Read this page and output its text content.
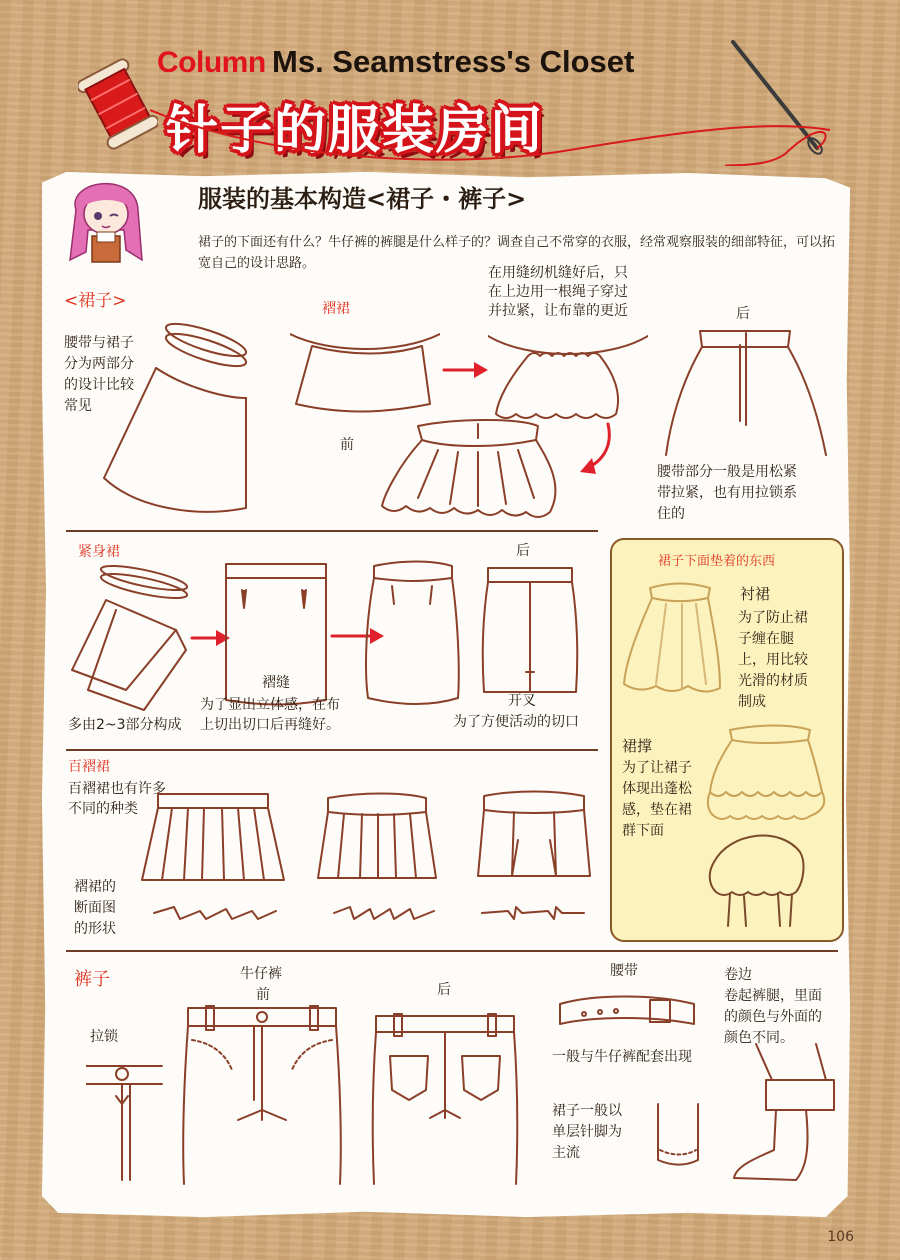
Column Ms. Seamstress's Closet
针子的服装房间
服装的基本构造<裙子・裤子>
裙子的下面还有什么？牛仔裤的裤腿是什么样子的？调查自己不常穿的衣服，经常观察服装的细部特征，可以拓宽自己的设计思路。
<裙子>
腰带与裙子
分为两部分
的设计比较
常见
褶裙
在用缝纫机缝好后，只
在上边用一根绳子穿过
并拉紧，让布靠的更近	后
前
腰带部分一般是用松紧
带拉紧，也有用拉锁系
住的
紧身裙	后
多由2~3部分构成
褶缝
为了显出立体感，在布
上切出切口后再缝好。
开叉
为了方便活动的切口
百褶裙
百褶裙也有许多
不同的种类
褶裙的
断面图
的形状
裙子下面垫着的东西
衬裙
为了防止裙
子缠在腿
上，用比较
光滑的材质
制成
裙撑
为了让裙子
体现出蓬松
感，垫在裙
群下面
裤子	牛仔裤
前	后
拉锁
腰带
一般与牛仔裤配套出现
裙子一般以
单层针脚为
主流
卷边
卷起裤腿，里面
的颜色与外面的
颜色不同。
106
